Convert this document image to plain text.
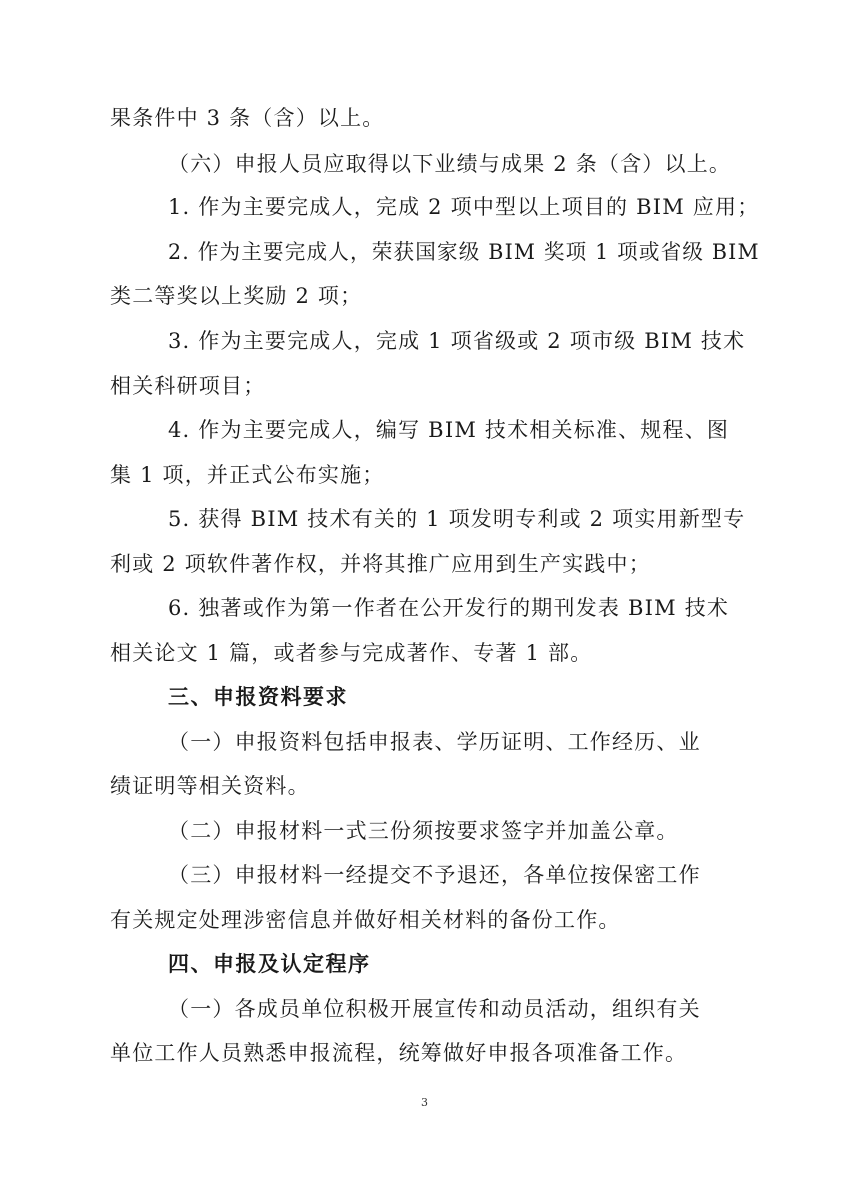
果条件中 3 条（含）以上。
（六）申报人员应取得以下业绩与成果 2 条（含）以上。
1. 作为主要完成人，完成 2 项中型以上项目的 BIM 应用；
2. 作为主要完成人，荣获国家级 BIM 奖项 1 项或省级 BIM
类二等奖以上奖励 2 项；
3. 作为主要完成人，完成 1 项省级或 2 项市级 BIM 技术
相关科研项目；
4. 作为主要完成人，编写 BIM 技术相关标准、规程、图
集 1 项，并正式公布实施；
5. 获得 BIM 技术有关的 1 项发明专利或 2 项实用新型专
利或 2 项软件著作权，并将其推广应用到生产实践中；
6. 独著或作为第一作者在公开发行的期刊发表 BIM 技术
相关论文 1 篇，或者参与完成著作、专著 1 部。
三、申报资料要求
（一）申报资料包括申报表、学历证明、工作经历、业
绩证明等相关资料。
（二）申报材料一式三份须按要求签字并加盖公章。
（三）申报材料一经提交不予退还，各单位按保密工作
有关规定处理涉密信息并做好相关材料的备份工作。
四、申报及认定程序
（一）各成员单位积极开展宣传和动员活动，组织有关
单位工作人员熟悉申报流程，统筹做好申报各项准备工作。
3
